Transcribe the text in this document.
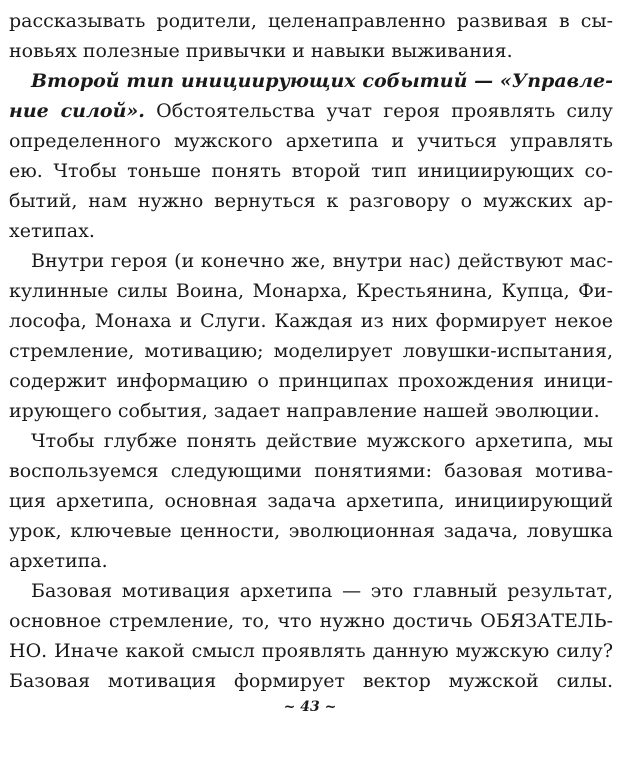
рассказывать родители, целенаправленно развивая в сы-
новьях полезные привычки и навыки выживания.
Второй тип инициирующих событий — «Управле-
ние силой». Обстоятельства учат героя проявлять силу
определенного мужского архетипа и учиться управлять
ею. Чтобы тоньше понять второй тип инициирующих со-
бытий, нам нужно вернуться к разговору о мужских ар-
хетипах.
Внутри героя (и конечно же, внутри нас) действуют мас-
кулинные силы Воина, Монарха, Крестьянина, Купца, Фи-
лософа, Монаха и Слуги. Каждая из них формирует некое
стремление, мотивацию; моделирует ловушки-испытания,
содержит информацию о принципах прохождения иници-
ирующего события, задает направление нашей эволюции.
Чтобы глубже понять действие мужского архетипа, мы
воспользуемся следующими понятиями: базовая мотива-
ция архетипа, основная задача архетипа, инициирующий
урок, ключевые ценности, эволюционная задача, ловушка
архетипа.
Базовая мотивация архетипа — это главный результат,
основное стремление, то, что нужно достичь ОБЯЗАТЕЛЬ-
НО. Иначе какой смысл проявлять данную мужскую силу?
Базовая мотивация формирует вектор мужской силы.
~ 43 ~
